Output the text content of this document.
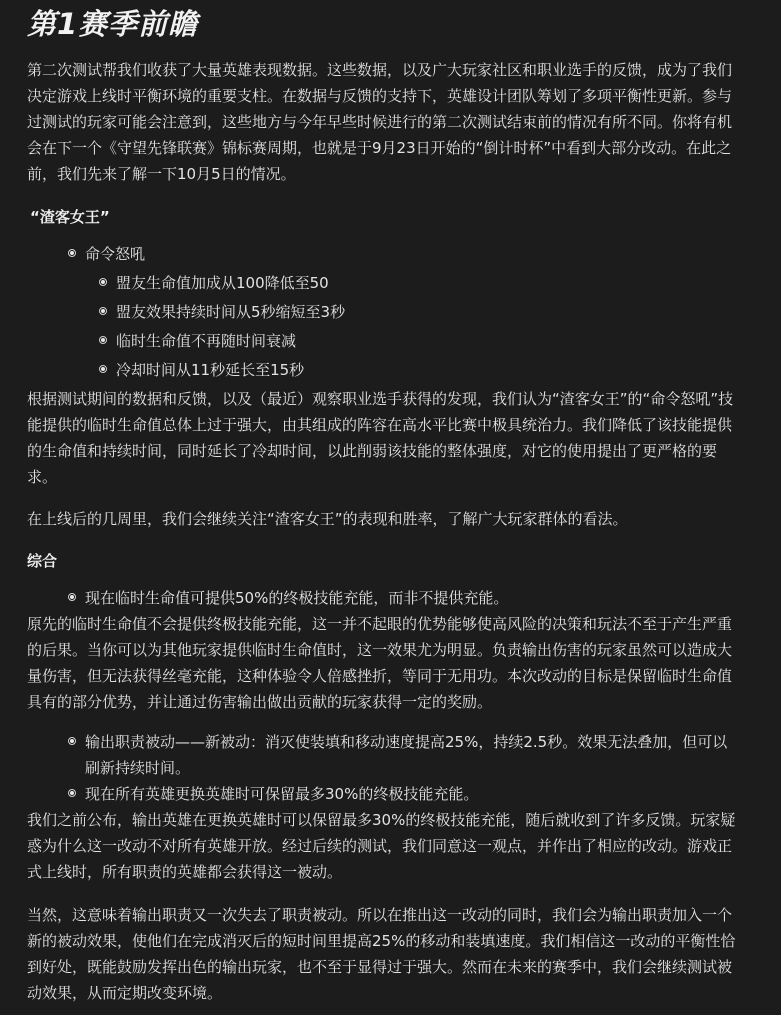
第1赛季前瞻

第二次测试帮我们收获了大量英雄表现数据。这些数据，以及广大玩家社区和职业选手的反馈，成为了我们决定游戏上线时平衡环境的重要支柱。在数据与反馈的支持下，英雄设计团队筹划了多项平衡性更新。参与过测试的玩家可能会注意到，这些地方与今年早些时候进行的第二次测试结束前的情况有所不同。你将有机会在下一个《守望先锋联赛》锦标赛周期，也就是于9月23日开始的“倒计时杯”中看到大部分改动。在此之前，我们先来了解一下10月5日的情况。

“渣客女王”
命令怒吼
盟友生命值加成从100降低至50
盟友效果持续时间从5秒缩短至3秒
临时生命值不再随时间衰减
冷却时间从11秒延长至15秒

根据测试期间的数据和反馈，以及（最近）观察职业选手获得的发现，我们认为“渣客女王”的“命令怒吼”技能提供的临时生命值总体上过于强大，由其组成的阵容在高水平比赛中极具统治力。我们降低了该技能提供的生命值和持续时间，同时延长了冷却时间，以此削弱该技能的整体强度，对它的使用提出了更严格的要求。

在上线后的几周里，我们会继续关注“渣客女王”的表现和胜率，了解广大玩家群体的看法。

综合
现在临时生命值可提供50%的终极技能充能，而非不提供充能。

原先的临时生命值不会提供终极技能充能，这一并不起眼的优势能够使高风险的决策和玩法不至于产生严重的后果。当你可以为其他玩家提供临时生命值时，这一效果尤为明显。负责输出伤害的玩家虽然可以造成大量伤害，但无法获得丝毫充能，这种体验令人倍感挫折，等同于无用功。本次改动的目标是保留临时生命值具有的部分优势，并让通过伤害输出做出贡献的玩家获得一定的奖励。

输出职责被动——新被动：消灭使装填和移动速度提高25%，持续2.5秒。效果无法叠加，但可以刷新持续时间。
现在所有英雄更换英雄时可保留最多30%的终极技能充能。

我们之前公布，输出英雄在更换英雄时可以保留最多30%的终极技能充能，随后就收到了许多反馈。玩家疑惑为什么这一改动不对所有英雄开放。经过后续的测试，我们同意这一观点，并作出了相应的改动。游戏正式上线时，所有职责的英雄都会获得这一被动。

当然，这意味着输出职责又一次失去了职责被动。所以在推出这一改动的同时，我们会为输出职责加入一个新的被动效果，使他们在完成消灭后的短时间里提高25%的移动和装填速度。我们相信这一改动的平衡性恰到好处，既能鼓励发挥出色的输出玩家，也不至于显得过于强大。然而在未来的赛季中，我们会继续测试被动效果，从而定期改变环境。
